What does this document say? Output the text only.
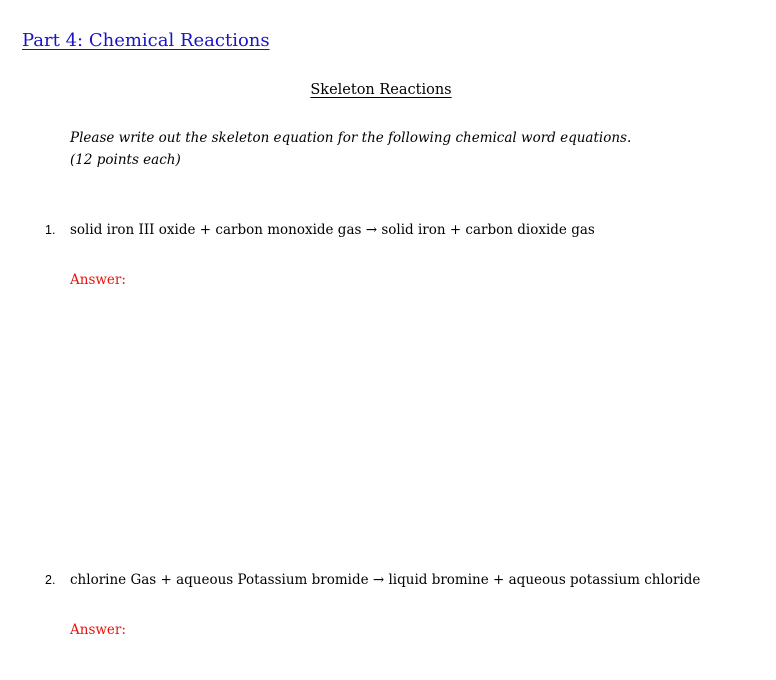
Part 4: Chemical Reactions
Skeleton Reactions
Please write out the skeleton equation for the following chemical word equations.
(12 points each)
1. solid iron III oxide + carbon monoxide gas → solid iron + carbon dioxide gas
Answer:
2. chlorine Gas + aqueous Potassium bromide → liquid bromine + aqueous potassium chloride
Answer:
